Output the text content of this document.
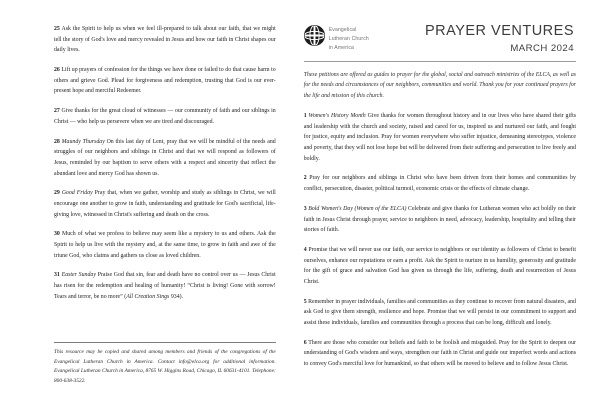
25 Ask the Spirit to help us when we feel ill-prepared to talk about our faith, that we might tell the story of God's love and mercy revealed in Jesus and how our faith in Christ shapes our daily lives.

26 Lift up prayers of confession for the things we have done or failed to do that cause harm to others and grieve God. Plead for forgiveness and redemption, trusting that God is our ever-present hope and merciful Redeemer.

27 Give thanks for the great cloud of witnesses — our community of faith and our siblings in Christ — who help us persevere when we are tired and discouraged.

28 Maundy Thursday On this last day of Lent, pray that we will be mindful of the needs and struggles of our neighbors and siblings in Christ and that we will respond as followers of Jesus, reminded by our baptism to serve others with a respect and sincerity that reflect the abundant love and mercy God has shown us.

29 Good Friday Pray that, when we gather, worship and study as siblings in Christ, we will encourage one another to grow in faith, understanding and gratitude for God's sacrificial, life-giving love, witnessed in Christ's suffering and death on the cross.

30 Much of what we profess to believe may seem like a mystery to us and others. Ask the Spirit to help us live with the mystery and, at the same time, to grow in faith and awe of the triune God, who claims and gathers us close as loved children.

31 Easter Sunday Praise God that sin, fear and death have no control over us — Jesus Christ has risen for the redemption and healing of humanity! “Christ is living! Gone with sorrow! Tears and terror, be no more” (All Creation Sings 934).

This resource may be copied and shared among members and friends of the congregations of the Evangelical Lutheran Church in America. Contact info@elca.org for additional information. Evangelical Lutheran Church in America, 8765 W. Higgins Road, Chicago, IL 60631-4101. Telephone: 800-638-3522.
Evangelical
Lutheran Church
in America
PRAYER VENTURES
MARCH 2024

These petitions are offered as guides to prayer for the global, social and outreach ministries of the ELCA, as well as for the needs and circumstances of our neighbors, communities and world. Thank you for your continued prayers for the life and mission of this church.

1 Women's History Month Give thanks for women throughout history and in our lives who have shared their gifts and leadership with the church and society, raised and cared for us, inspired us and nurtured our faith, and fought for justice, equity and inclusion. Pray for women everywhere who suffer injustice, demeaning stereotypes, violence and poverty, that they will not lose hope but will be delivered from their suffering and persecution to live freely and boldly.

2 Pray for our neighbors and siblings in Christ who have been driven from their homes and communities by conflict, persecution, disaster, political turmoil, economic crisis or the effects of climate change.

3 Bold Women's Day (Women of the ELCA) Celebrate and give thanks for Lutheran women who act boldly on their faith in Jesus Christ through prayer, service to neighbors in need, advocacy, leadership, hospitality and telling their stories of faith.

4 Promise that we will never use our faith, our service to neighbors or our identity as followers of Christ to benefit ourselves, enhance our reputations or earn a profit. Ask the Spirit to nurture in us humility, generosity and gratitude for the gift of grace and salvation God has given us through the life, suffering, death and resurrection of Jesus Christ.

5 Remember in prayer individuals, families and communities as they continue to recover from natural disasters, and ask God to give them strength, resilience and hope. Promise that we will persist in our commitment to support and assist these individuals, families and communities through a process that can be long, difficult and lonely.

6 There are those who consider our beliefs and faith to be foolish and misguided. Pray for the Spirit to deepen our understanding of God's wisdom and ways, strengthen our faith in Christ and guide our imperfect words and actions to convey God's merciful love for humankind, so that others will be moved to believe and to follow Jesus Christ.
